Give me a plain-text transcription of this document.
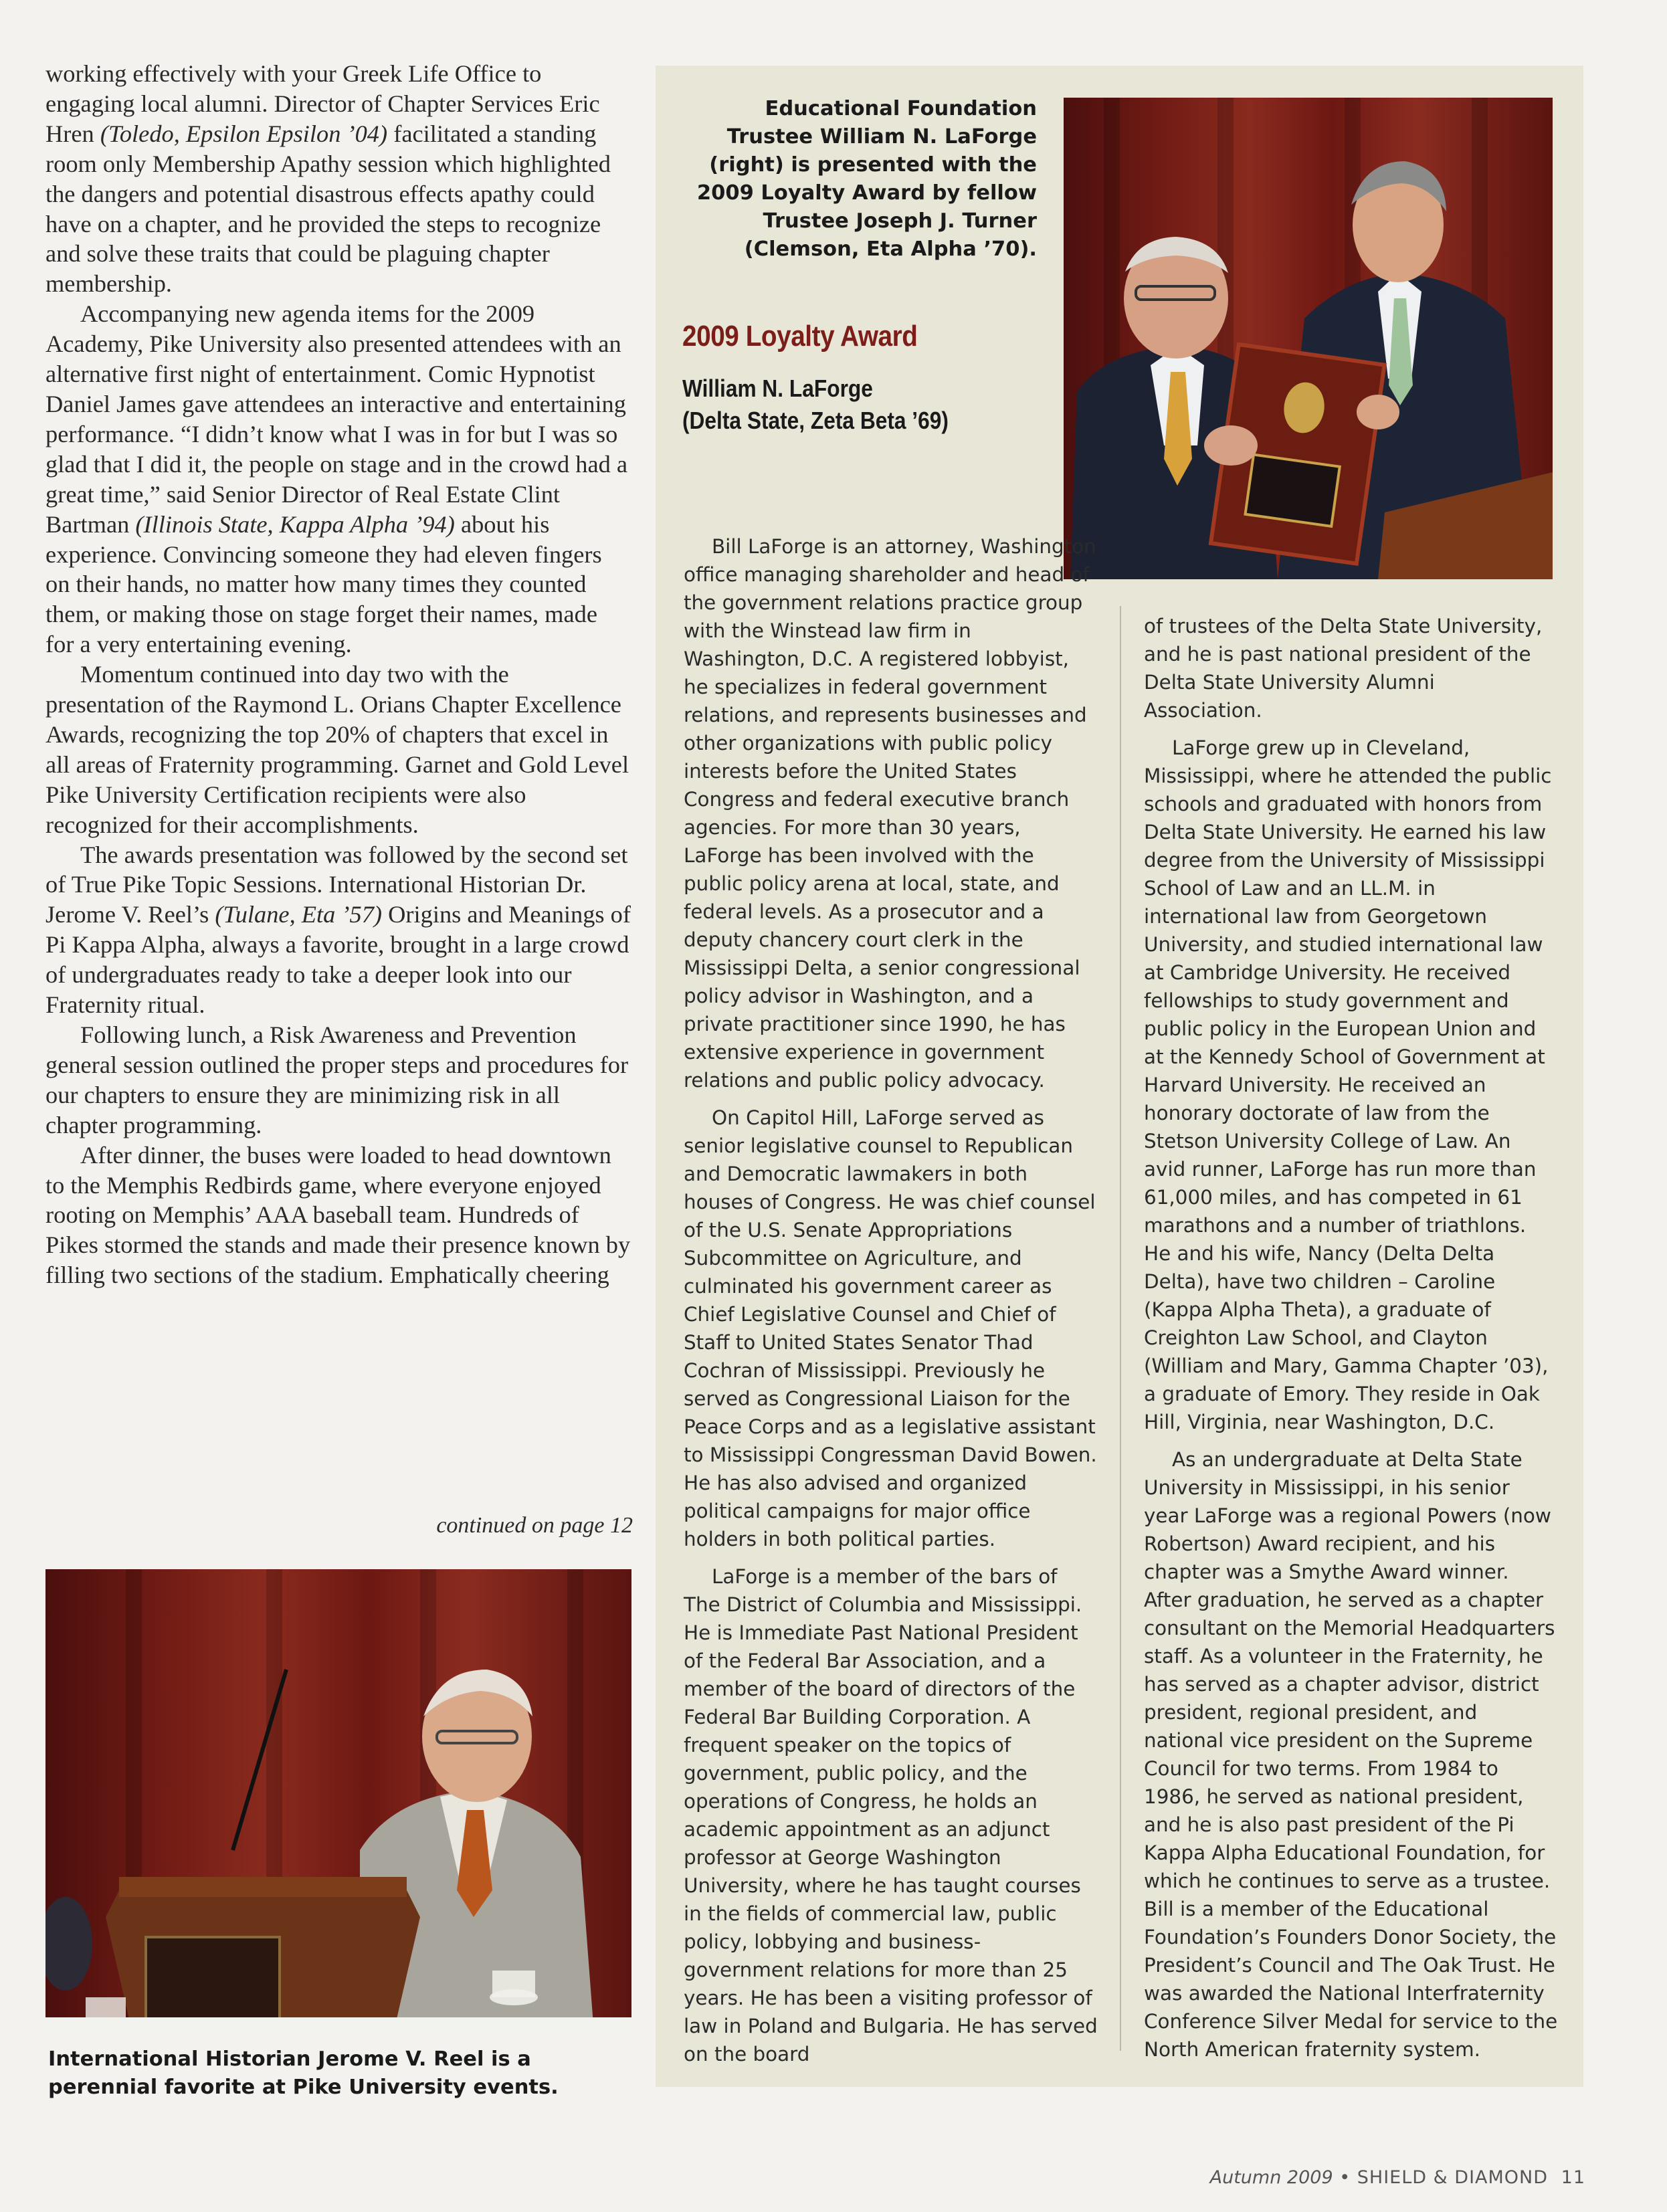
working effectively with your Greek Life Office to engaging local alumni. Director of Chapter Services Eric Hren (Toledo, Epsilon Epsilon ’04) facilitated a standing room only Membership Apathy session which highlighted the dangers and potential disastrous effects apathy could have on a chapter, and he provided the steps to recognize and solve these traits that could be plaguing chapter membership.

Accompanying new agenda items for the 2009 Academy, Pike University also presented attendees with an alternative first night of entertainment. Comic Hypnotist Daniel James gave attendees an interactive and entertaining performance. “I didn’t know what I was in for but I was so glad that I did it, the people on stage and in the crowd had a great time,” said Senior Director of Real Estate Clint Bartman (Illinois State, Kappa Alpha ’94) about his experience. Convincing someone they had eleven fingers on their hands, no matter how many times they counted them, or making those on stage forget their names, made for a very entertaining evening.

Momentum continued into day two with the presentation of the Raymond L. Orians Chapter Excellence Awards, recognizing the top 20% of chapters that excel in all areas of Fraternity programming. Garnet and Gold Level Pike University Certification recipients were also recognized for their accomplishments.

The awards presentation was followed by the second set of True Pike Topic Sessions. International Historian Dr. Jerome V. Reel’s (Tulane, Eta ’57) Origins and Meanings of Pi Kappa Alpha, always a favorite, brought in a large crowd of undergraduates ready to take a deeper look into our Fraternity ritual.

Following lunch, a Risk Awareness and Prevention general session outlined the proper steps and procedures for our chapters to ensure they are minimizing risk in all chapter programming.

After dinner, the buses were loaded to head downtown to the Memphis Redbirds game, where everyone enjoyed rooting on Memphis’ AAA baseball team. Hundreds of Pikes stormed the stands and made their presence known by filling two sections of the stadium. Emphatically cheering

continued on page 12
International Historian Jerome V. Reel is a perennial favorite at Pike University events.
Educational Foundation Trustee William N. LaForge (right) is presented with the 2009 Loyalty Award by fellow Trustee Joseph J. Turner (Clemson, Eta Alpha ’70).
2009 Loyalty Award
William N. LaForge
(Delta State, Zeta Beta ’69)

Bill LaForge is an attorney, Washington office managing shareholder and head of the government relations practice group with the Winstead law firm in Washington, D.C. A registered lobbyist, he specializes in federal government relations, and represents businesses and other organizations with public policy interests before the United States Congress and federal executive branch agencies. For more than 30 years, LaForge has been involved with the public policy arena at local, state, and federal levels. As a prosecutor and a deputy chancery court clerk in the Mississippi Delta, a senior congressional policy advisor in Washington, and a private practitioner since 1990, he has extensive experience in government relations and public policy advocacy.

On Capitol Hill, LaForge served as senior legislative counsel to Republican and Democratic lawmakers in both houses of Congress. He was chief counsel of the U.S. Senate Appropriations Subcommittee on Agriculture, and culminated his government career as Chief Legislative Counsel and Chief of Staff to United States Senator Thad Cochran of Mississippi. Previously he served as Congressional Liaison for the Peace Corps and as a legislative assistant to Mississippi Congressman David Bowen. He has also advised and organized political campaigns for major office holders in both political parties.

LaForge is a member of the bars of The District of Columbia and Mississippi. He is Immediate Past National President of the Federal Bar Association, and a member of the board of directors of the Federal Bar Building Corporation. A frequent speaker on the topics of government, public policy, and the operations of Congress, he holds an academic appointment as an adjunct professor at George Washington University, where he has taught courses in the fields of commercial law, public policy, lobbying and business-government relations for more than 25 years. He has been a visiting professor of law in Poland and Bulgaria. He has served on the board

of trustees of the Delta State University, and he is past national president of the Delta State University Alumni Association.

LaForge grew up in Cleveland, Mississippi, where he attended the public schools and graduated with honors from Delta State University. He earned his law degree from the University of Mississippi School of Law and an LL.M. in international law from Georgetown University, and studied international law at Cambridge University. He received fellowships to study government and public policy in the European Union and at the Kennedy School of Government at Harvard University. He received an honorary doctorate of law from the Stetson University College of Law. An avid runner, LaForge has run more than 61,000 miles, and has competed in 61 marathons and a number of triathlons. He and his wife, Nancy (Delta Delta Delta), have two children – Caroline (Kappa Alpha Theta), a graduate of Creighton Law School, and Clayton (William and Mary, Gamma Chapter ’03), a graduate of Emory. They reside in Oak Hill, Virginia, near Washington, D.C.

As an undergraduate at Delta State University in Mississippi, in his senior year LaForge was a regional Powers (now Robertson) Award recipient, and his chapter was a Smythe Award winner. After graduation, he served as a chapter consultant on the Memorial Headquarters staff. As a volunteer in the Fraternity, he has served as a chapter advisor, district president, regional president, and national vice president on the Supreme Council for two terms. From 1984 to 1986, he served as national president, and he is also past president of the Pi Kappa Alpha Educational Foundation, for which he continues to serve as a trustee. Bill is a member of the Educational Foundation’s Founders Donor Society, the President’s Council and The Oak Trust. He was awarded the National Interfraternity Conference Silver Medal for service to the North American fraternity system.

Autumn 2009 • SHIELD & DIAMOND 11
